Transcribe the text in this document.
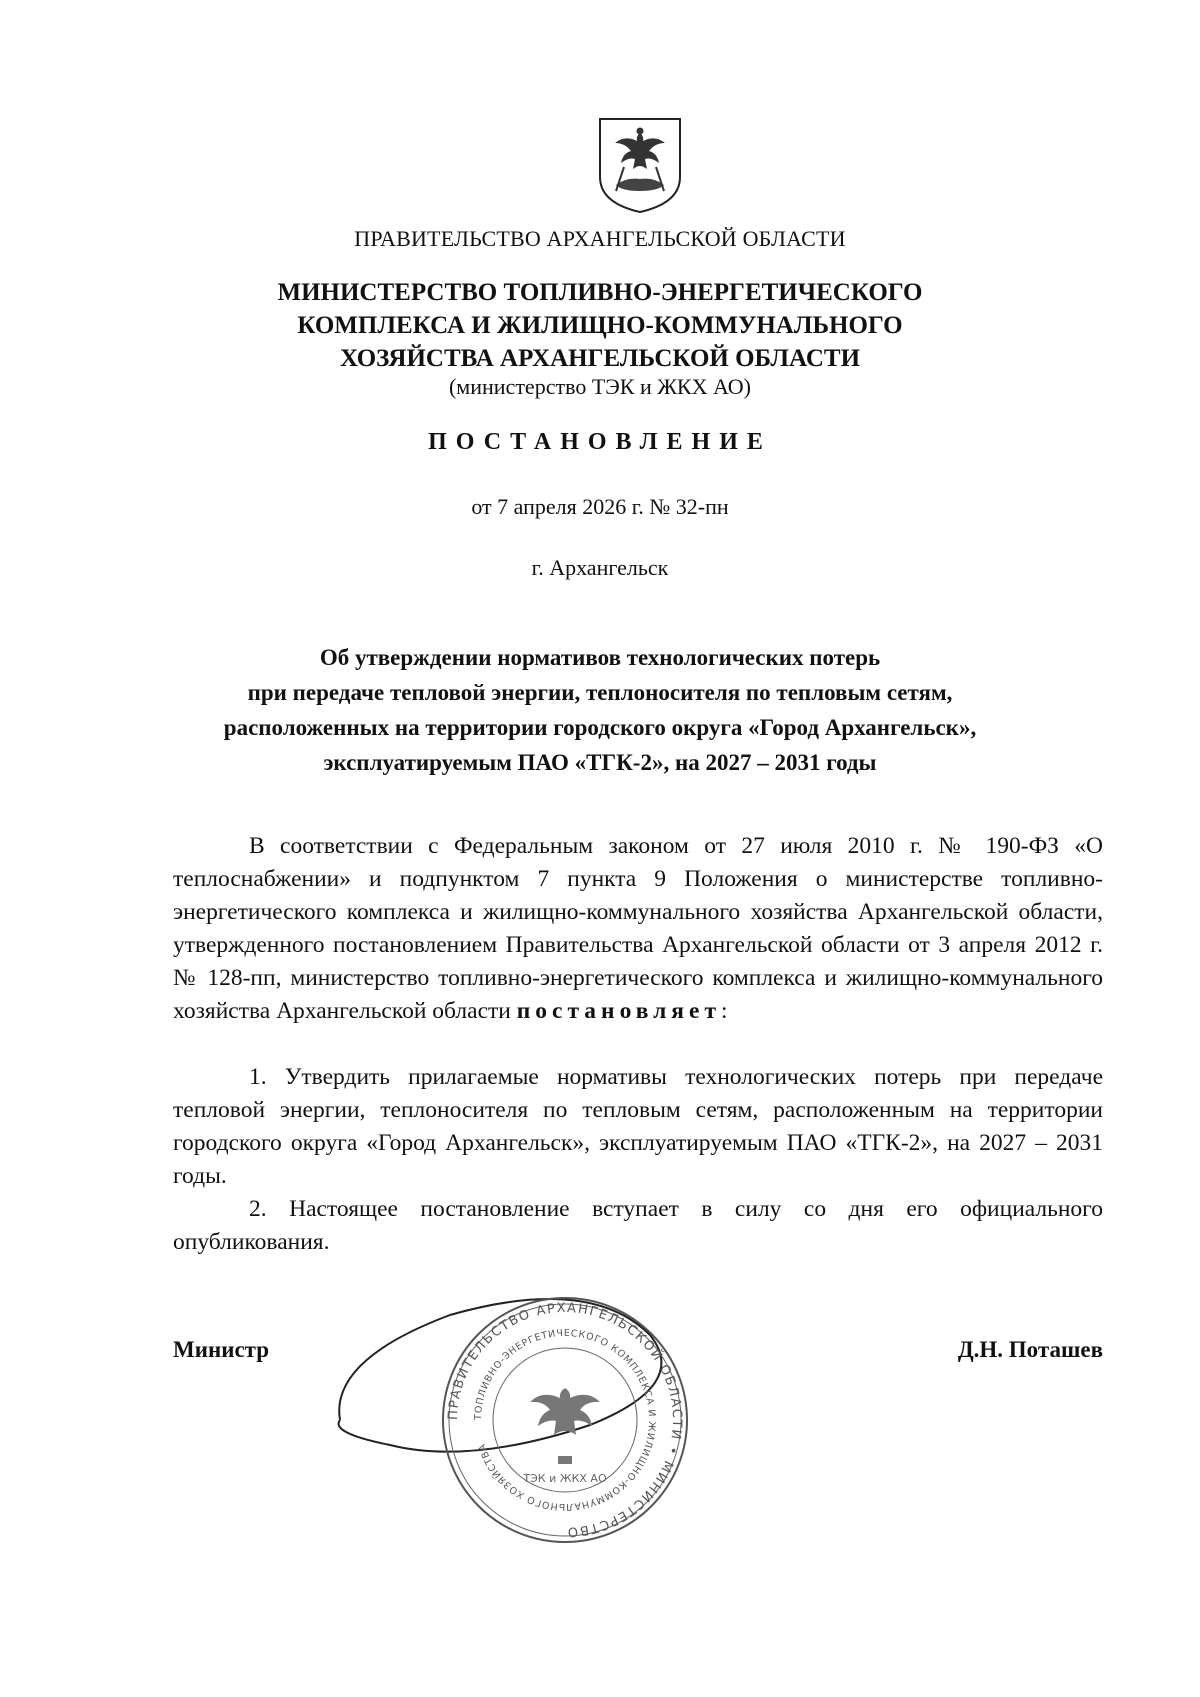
ПРАВИТЕЛЬСТВО АРХАНГЕЛЬСКОЙ ОБЛАСТИ
МИНИСТЕРСТВО ТОПЛИВНО-ЭНЕРГЕТИЧЕСКОГО
КОМПЛЕКСА И ЖИЛИЩНО-КОММУНАЛЬНОГО
ХОЗЯЙСТВА АРХАНГЕЛЬСКОЙ ОБЛАСТИ
(министерство ТЭК и ЖКХ АО)
ПОСТАНОВЛЕНИЕ
от 7 апреля 2026 г. № 32-пн
г. Архангельск
Об утверждении нормативов технологических потерь
при передаче тепловой энергии, теплоносителя по тепловым сетям,
расположенных на территории городского округа «Город Архангельск»,
эксплуатируемым ПАО «ТГК-2», на 2027 – 2031 годы
В соответствии с Федеральным законом от 27 июля 2010 г. № 190-ФЗ «О теплоснабжении» и подпунктом 7 пункта 9 Положения о министерстве топливно-энергетического комплекса и жилищно-коммунального хозяйства Архангельской области, утвержденного постановлением Правительства Архангельской области от 3 апреля 2012 г. № 128-пп, министерство топливно-энергетического комплекса и жилищно-коммунального хозяйства Архангельской области постановляет:
1. Утвердить прилагаемые нормативы технологических потерь при передаче тепловой энергии, теплоносителя по тепловым сетям, расположенным на территории городского округа «Город Архангельск», эксплуатируемым ПАО «ТГК-2», на 2027 – 2031 годы.
2. Настоящее постановление вступает в силу со дня его официального опубликования.
ПРАВИТЕЛЬСТВО АРХАНГЕЛЬСКОЙ ОБЛАСТИ • МИНИСТЕРСТВО
ТОПЛИВНО-ЭНЕРГЕТИЧЕСКОГО КОМПЛЕКСА И ЖИЛИЩНО-КОММУНАЛЬНОГО ХОЗЯЙСТВА
ТЭК и ЖКХ АО
Министр	Д.Н. Поташев
